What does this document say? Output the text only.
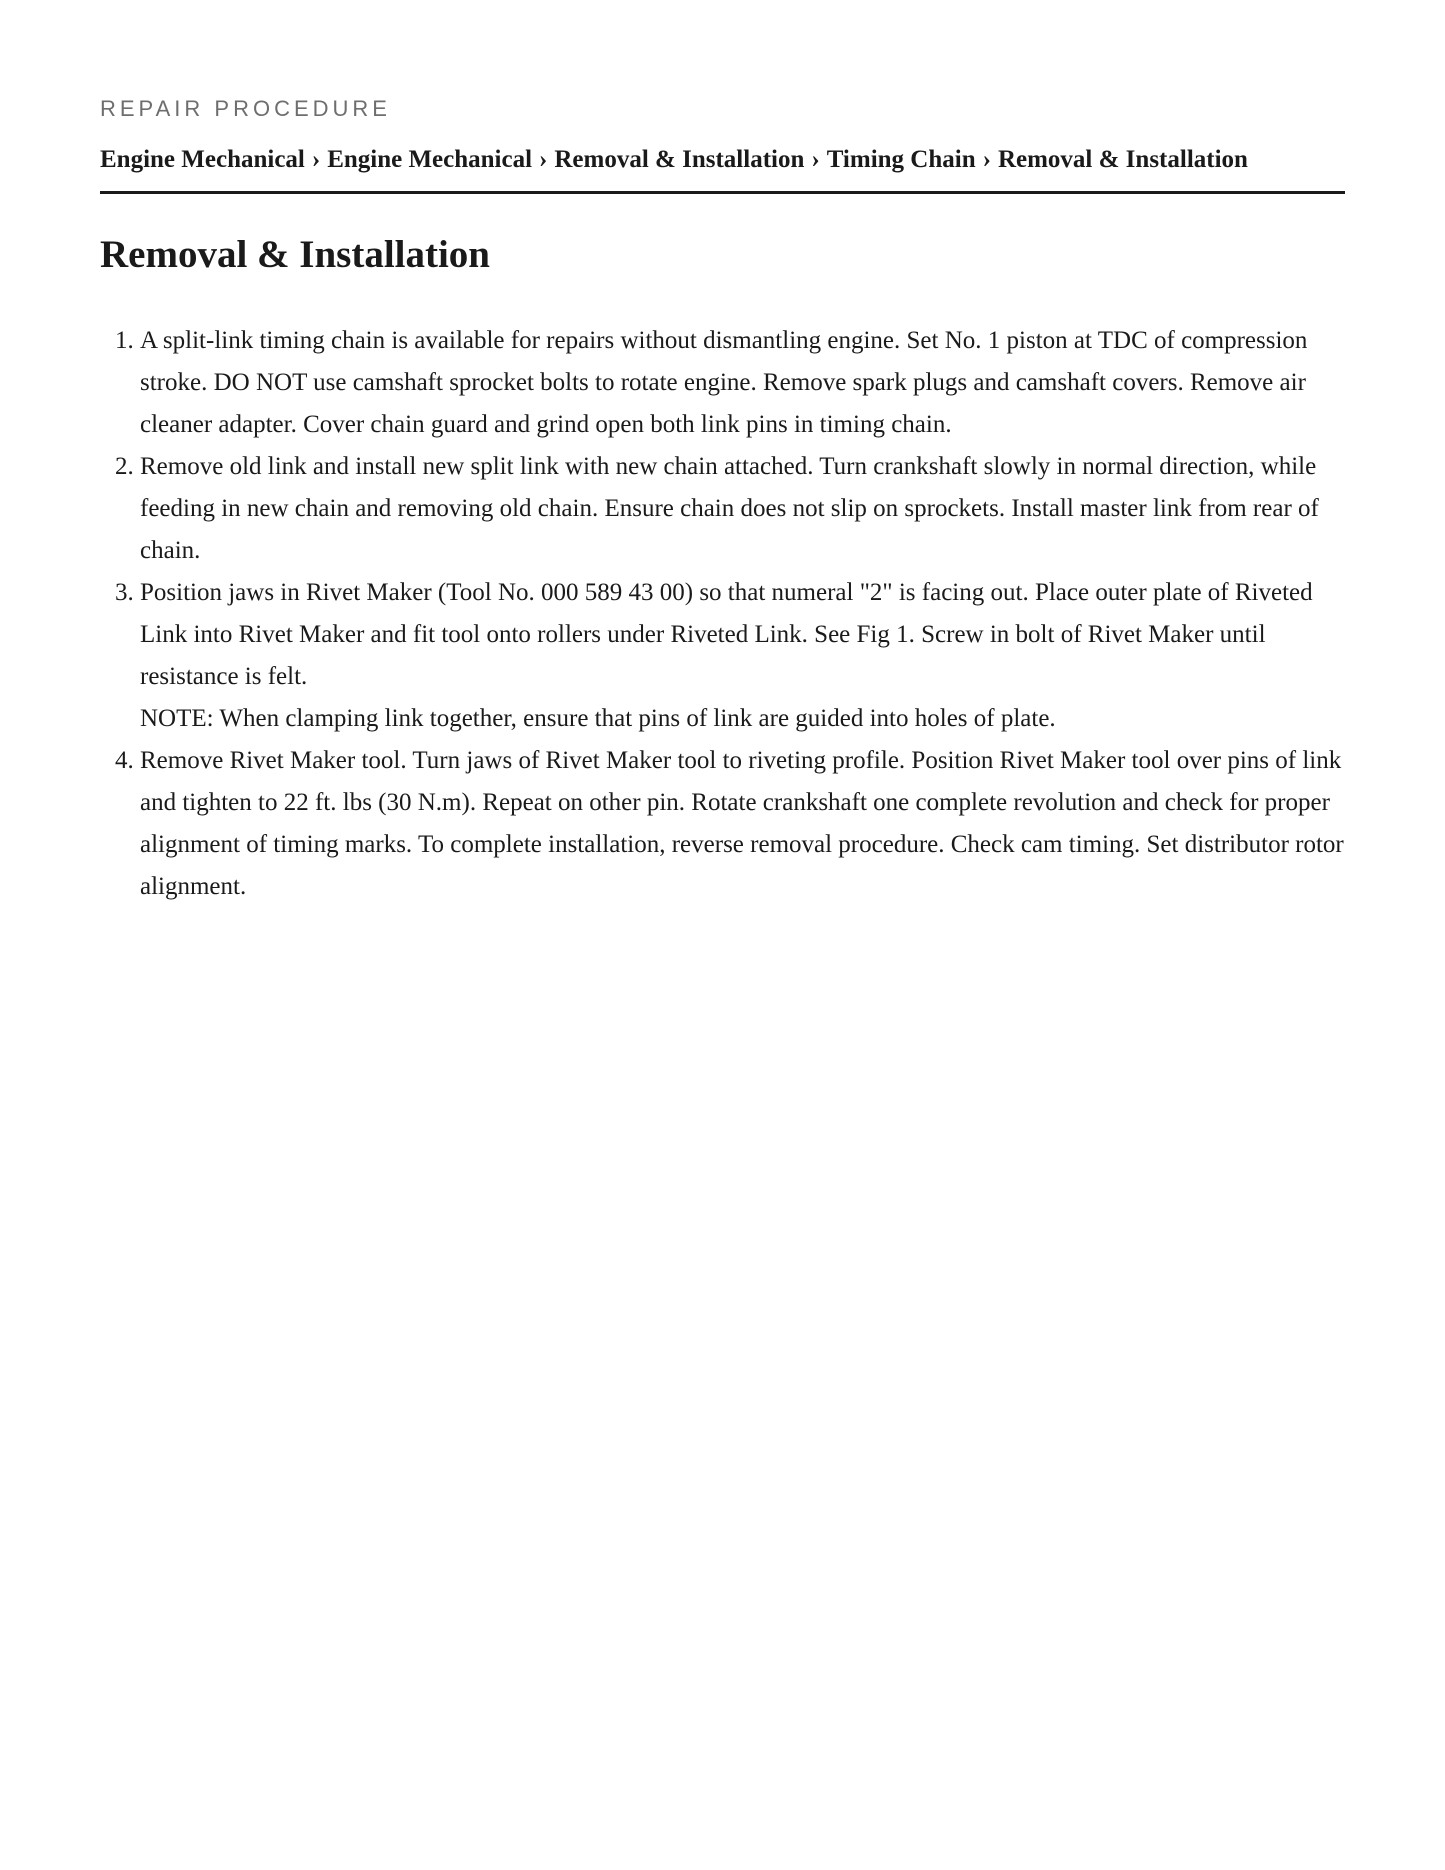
REPAIR PROCEDURE
Engine Mechanical › Engine Mechanical › Removal & Installation › Timing Chain › Removal & Installation
Removal & Installation
1. A split-link timing chain is available for repairs without dismantling engine. Set No. 1 piston at TDC of compression stroke. DO NOT use camshaft sprocket bolts to rotate engine. Remove spark plugs and camshaft covers. Remove air cleaner adapter. Cover chain guard and grind open both link pins in timing chain.
2. Remove old link and install new split link with new chain attached. Turn crankshaft slowly in normal direction, while feeding in new chain and removing old chain. Ensure chain does not slip on sprockets. Install master link from rear of chain.
3. Position jaws in Rivet Maker (Tool No. 000 589 43 00) so that numeral "2" is facing out. Place outer plate of Riveted Link into Rivet Maker and fit tool onto rollers under Riveted Link. See Fig 1. Screw in bolt of Rivet Maker until resistance is felt.
NOTE: When clamping link together, ensure that pins of link are guided into holes of plate.
4. Remove Rivet Maker tool. Turn jaws of Rivet Maker tool to riveting profile. Position Rivet Maker tool over pins of link and tighten to 22 ft. lbs (30 N.m). Repeat on other pin. Rotate crankshaft one complete revolution and check for proper alignment of timing marks. To complete installation, reverse removal procedure. Check cam timing. Set distributor rotor alignment.
